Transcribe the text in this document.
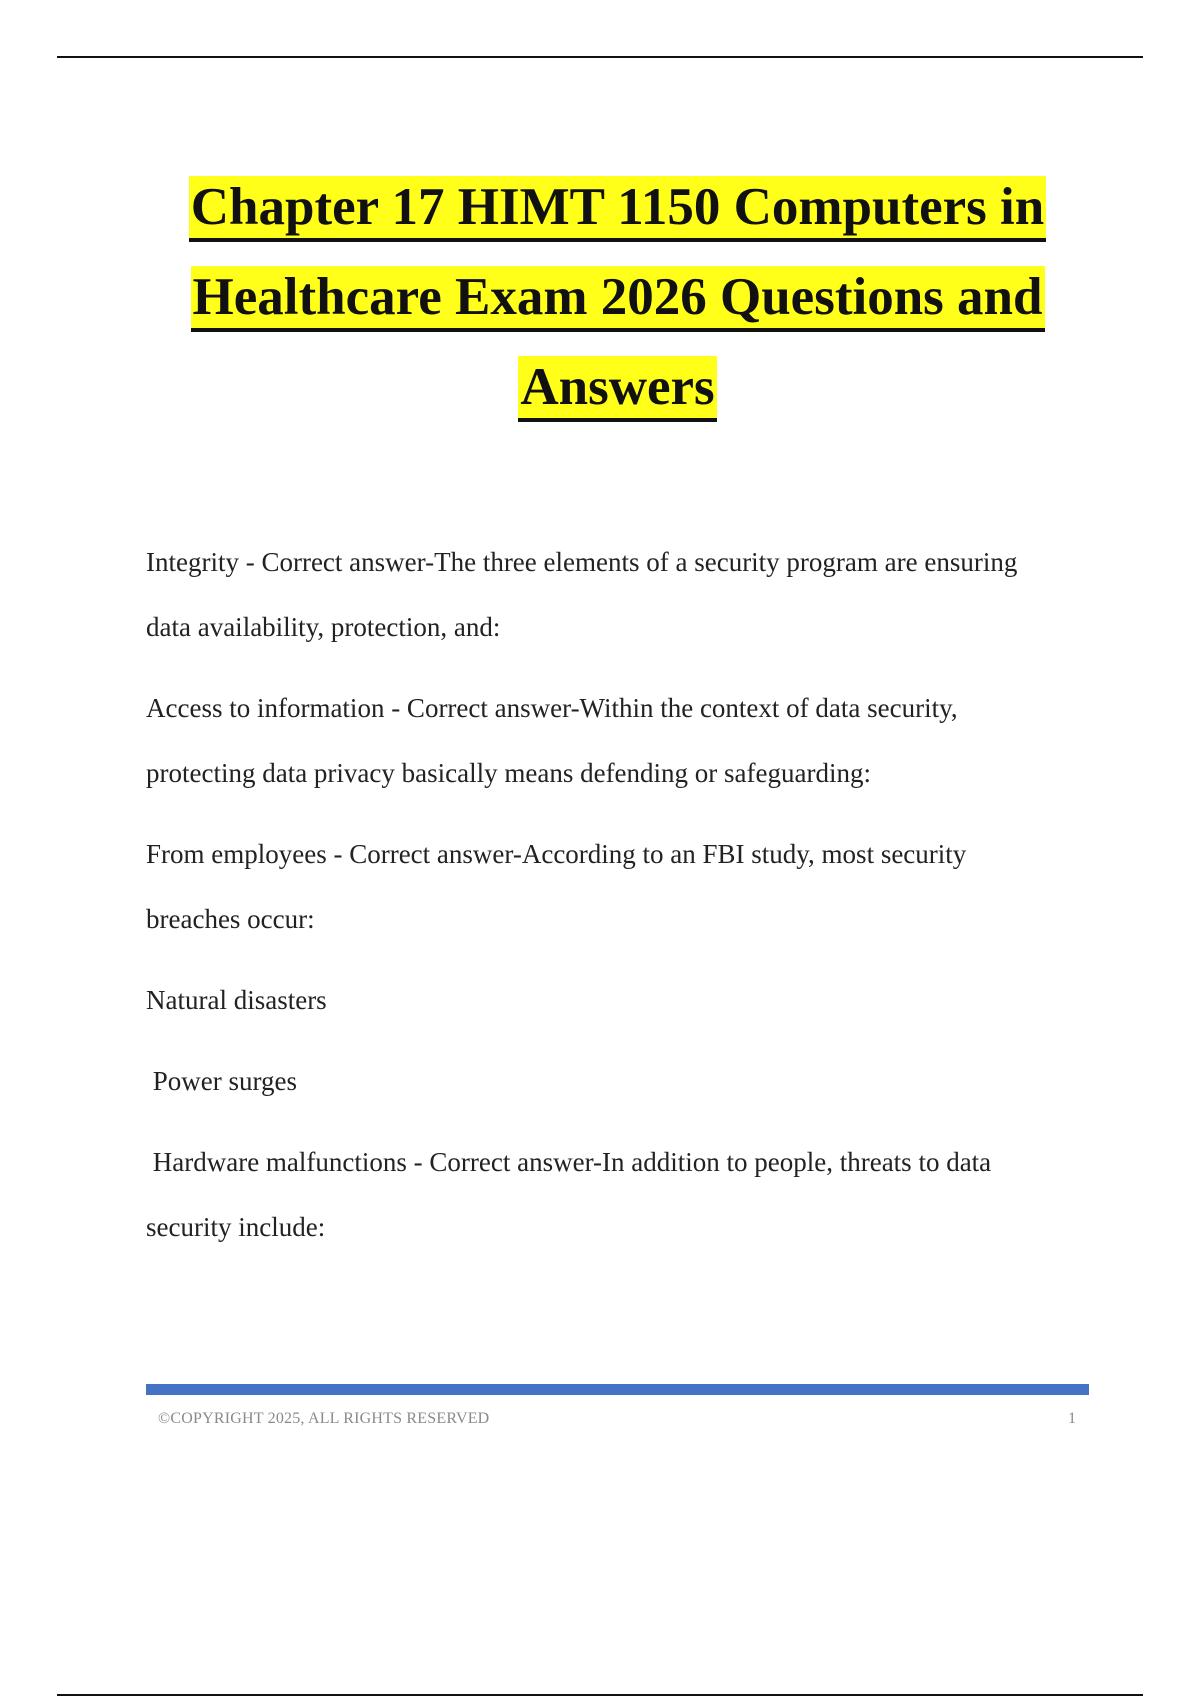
Chapter 17 HIMT 1150 Computers in
Healthcare Exam 2026 Questions and
Answers
Integrity - Correct answer-The three elements of a security program are ensuring
data availability, protection, and:
Access to information - Correct answer-Within the context of data security,
protecting data privacy basically means defending or safeguarding:
From employees - Correct answer-According to an FBI study, most security
breaches occur:
Natural disasters
Power surges
Hardware malfunctions - Correct answer-In addition to people, threats to data
security include:
©COPYRIGHT 2025, ALL RIGHTS RESERVED	1
